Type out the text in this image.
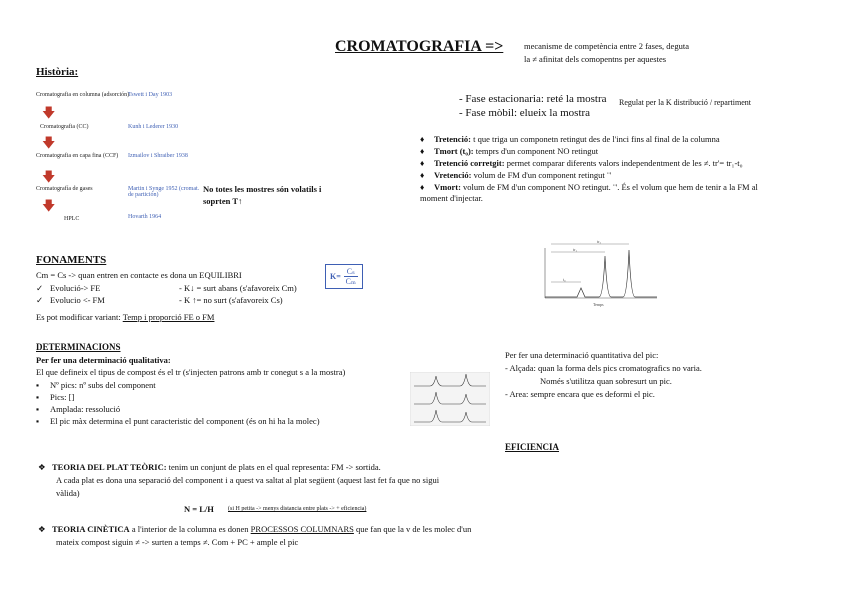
CROMATOGRAFIA => mecanisme de competència entre 2 fases, deguta
la ≠ afinitat dels comopentns per aquestes
Història:
Cromatografia en columna (adsorción)
Tswett i Day 1903
🡇
Cromatografia (CC)	Kunh i Lederer 1930
🡇
Cromatografia en capa fina (CCF)	Izmailov i Shraiber 1938
🡇
Cromatografía de gases	Martin i Synge 1952 (cromat. de partición)
🡇
HPLC	Hovarth 1964
No totes les mostres són volatils i
soprten T↑
- Fase estacionaria: reté la mostra Regulat per la K distribució / repartiment
- Fase mòbil: elueix la mostra
♦ Tretenció: t que triga un componetn retingut des de l'inci fins al final de la columna
♦ Tmort (t₀): temprs d'un component NO retingut
♦ Tretenció corretgit: permet comparar diferents valors independentment de les ≠. tr'= tr₁-t₀
♦ Vretenció: volum de FM d'un component retingut ¨'
♦ Vmort: volum de FM d'un component NO retingut. ¨'. És el volum que hem de tenir a la FM al moment d'injectar.
tr₂
tr₁
t₀
Temps
FONAMENTS
Cm = Cs -> quan entren en contacte es dona un EQUILIBRI	$K= \frac{\text{Cₛ}}{\text{Cₘ}}$
✓ Evolució-> FE	- K↓ = surt abans (s'afavoreix Cm)
✓ Evolucio <- FM	- K ↑= no surt (s'afavoreix Cs)
Es pot modificar variant: Temp i proporció FE o FM
DETERMINACIONS
Per fer una determinació qualitativa:
El que defineix el tipus de compost és el tr (s'injecten patrons amb tr conegut s a la mostra)
▪ Nº pics: nº subs del component
▪ Pics: []
▪ Amplada: ressolució
▪ El pic màx determina el punt caracteristic del component (és on hi ha la molec)
Per fer una determinació quantitativa del pic:
- Alçada: quan la forma dels pics cromatografics no varia.
Només s'utilitza quan sobresurt un pic.
- Area: sempre encara que es deformi el pic.
EFICIENCIA
❖ TEORIA DEL PLAT TEÒRIC: tenim un conjunt de plats en el qual representa: FM -> sortida.
A cada plat es dona una separació del component i a quest va saltat al plat següent (aquest last fet fa que no sigui
vàlida)
N = L/H (si H petita -> menys distancia entre plats -> + eficiencia)
❖ TEORIA CINÈTICA a l'interior de la columna es donen PROCESSOS COLUMNARS que fan que la v de les molec d'un
mateix compost siguin ≠ -> surten a temps ≠. Com + PC + ample el pic
